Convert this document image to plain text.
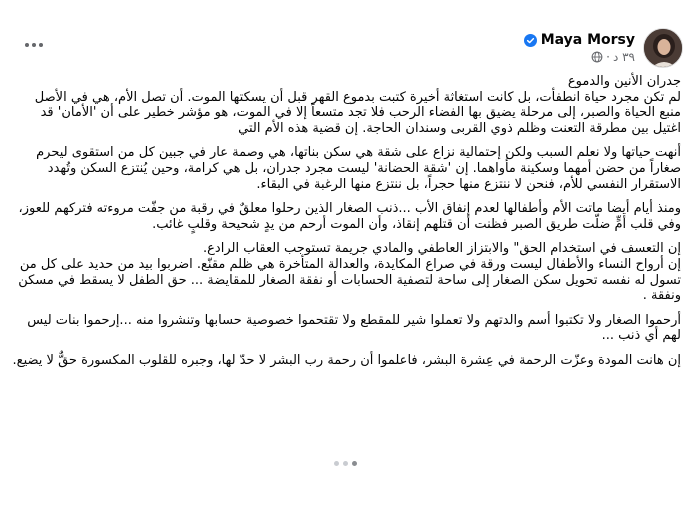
Maya Morsy
٣٩ د
·

جدران الأنين والدموع

لم تكن مجرد حياة انطفأت، بل كانت استغاثة أخيرة كتبت بدموع القهر قبل أن يسكتها الموت. أن تصل الأم، هي في الأصل منبع الحياة والصبر، إلى مرحلة يضيق بها الفضاء الرحب فلا تجد متسعاً إلا في الموت، هو مؤشر خطير على أن 'الأمان' قد اغتيل بين مطرقة التعنت وظلم ذوي القربى وسندان الحاجة. إن قضية هذه الأم التي

أنهت حياتها ولا نعلم السبب ولكن إحتمالية نزاع على شقة هي سكن بناتها، هي وصمة عار في جبين كل من استقوى ليحرم صغاراً من حضن أمهما وسكينة مأواهما. إن 'شقة الحضانة' ليست مجرد جدران، بل هي كرامة، وحين يُنتزع السكن وتُهدد الاستقرار النفسي للأم، فنحن لا ننتزع منها حجراً، بل ننتزع منها الرغبة في البقاء.

ومنذ أيام أيضا ماتت الأم وأطفالها لعدم إنفاق الأب ...ذنب الصغار الذين رحلوا معلقٌ في رقبة من جفّت مروءته فتركهم للعوز، وفي قلب أمٍّ ضلّت طريق الصبر فظنت أن قتلهم إنقاذ، وأن الموت أرحم من يدٍ شحيحة وقلبٍ غائب.

إن التعسف في استخدام الحق" والابتزاز العاطفي والمادي جريمة تستوجب العقاب الرادع.
إن أرواح النساء والأطفال ليست ورقة في صراع المكايدة، والعدالة المتأخرة هي ظلم مقنّع. اضربوا بيد من حديد على كل من تسول له نفسه تحويل سكن الصغار إلى ساحة لتصفية الحسابات أو نفقة الصغار للمقايضة ... حق الطفل لا يسقط في مسكن ونفقة .

أرحموا الصغار ولا تكتبوا أسم والدتهم ولا تعملوا شير للمقطع ولا تقتحموا خصوصية حسابها وتنشروا منه ...إرحموا بنات ليس لهم أي ذنب ...

إن هانت المودة وعزّت الرحمة في عِشرة البشر، فاعلموا أن رحمة رب البشر لا حدّ لها، وجبره للقلوب المكسورة حقٌّ لا يضيع.
